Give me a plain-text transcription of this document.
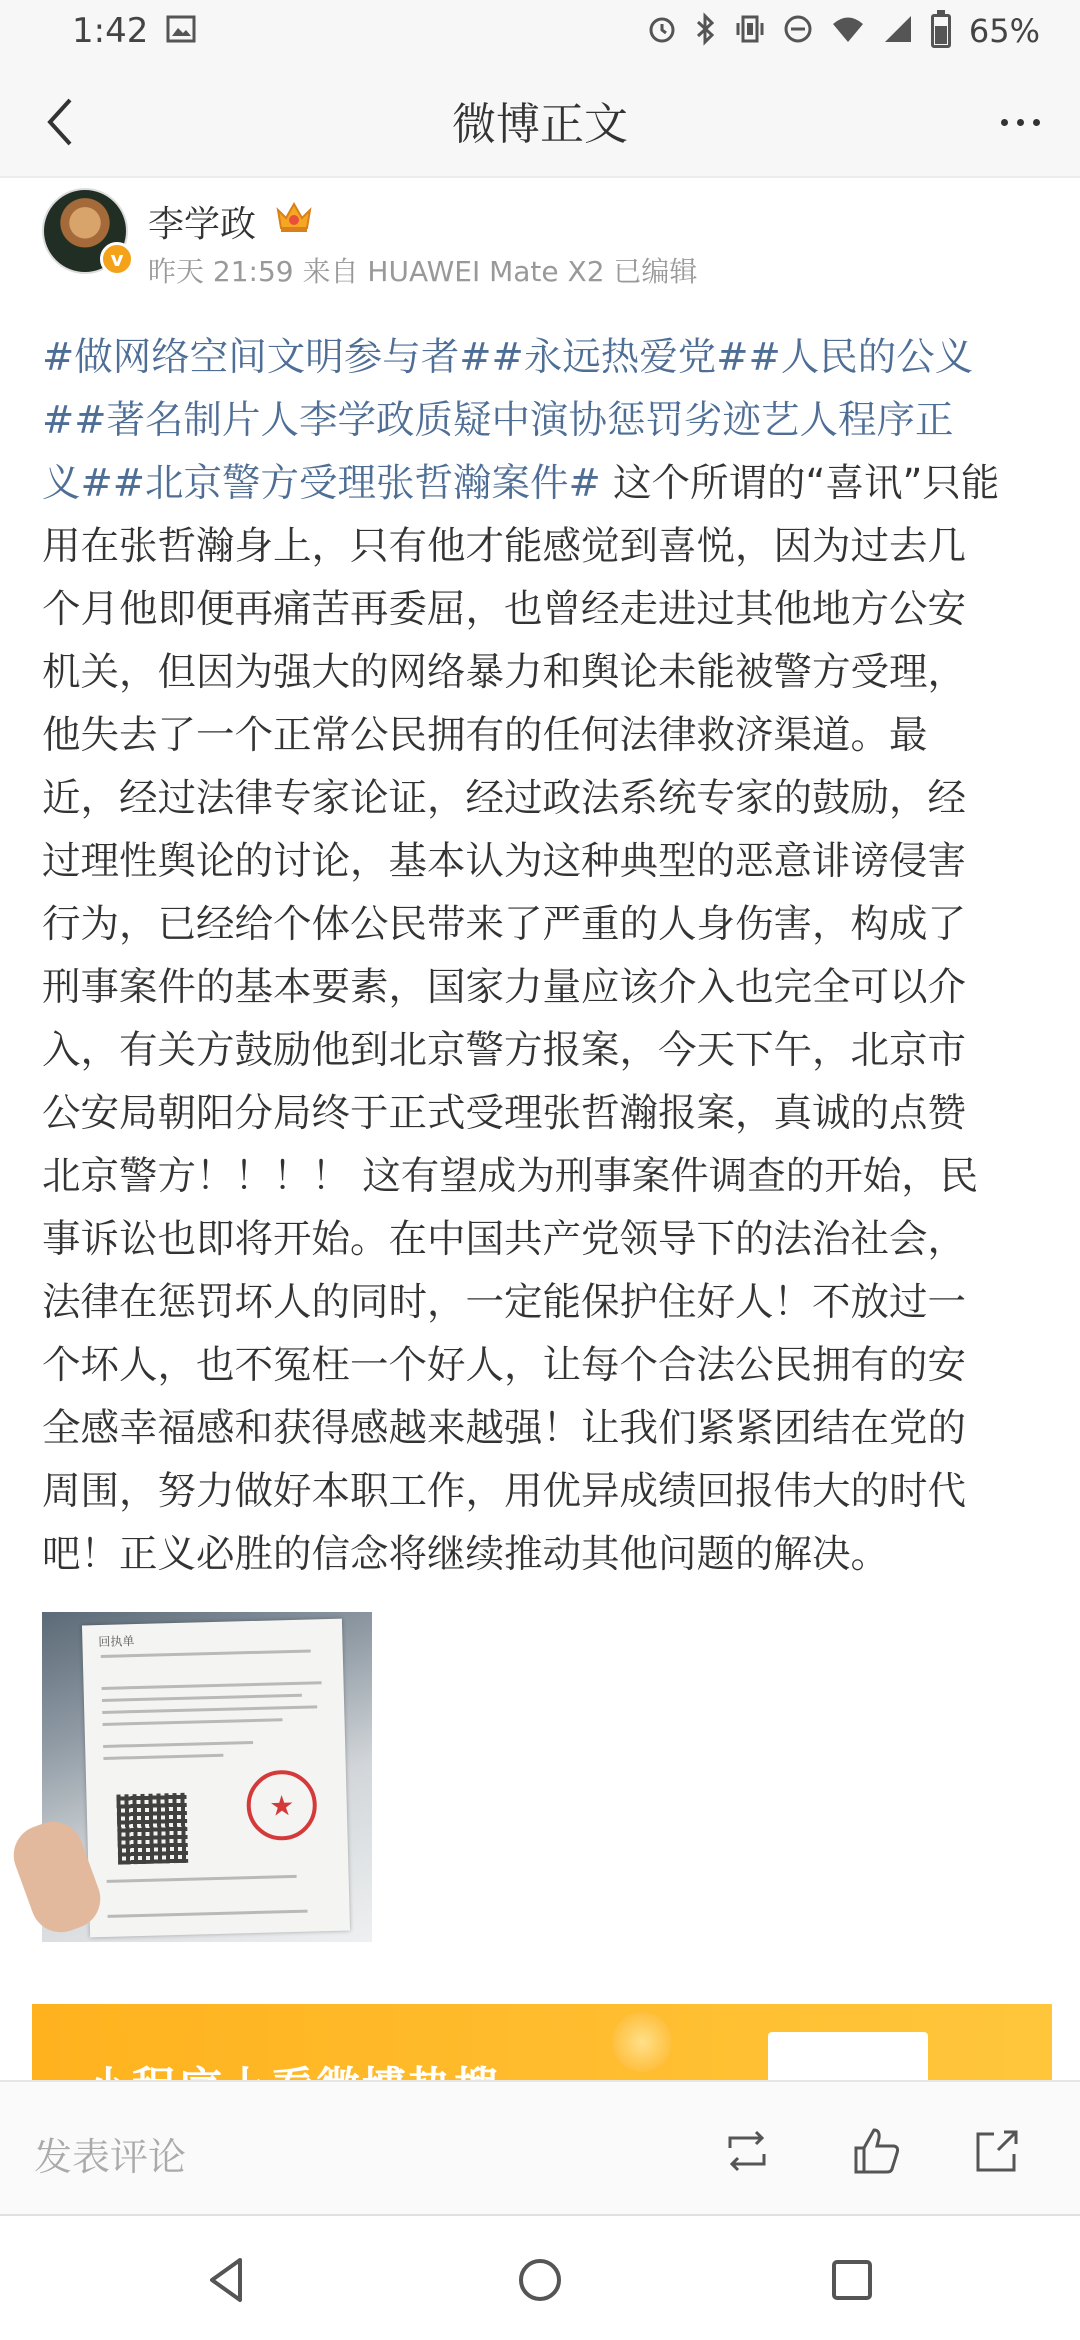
1:42	65%
微博正文
v
李学政
昨天 21:59 来自 HUAWEI Mate X2 已编辑
#做网络空间文明参与者##永远热爱党##人民的公义
##著名制片人李学政质疑中演协惩罚劣迹艺人程序正
义##北京警方受理张哲瀚案件# 这个所谓的“喜讯”只能
用在张哲瀚身上，只有他才能感觉到喜悦，因为过去几
个月他即便再痛苦再委屈，也曾经走进过其他地方公安
机关，但因为强大的网络暴力和舆论未能被警方受理，
他失去了一个正常公民拥有的任何法律救济渠道。最
近，经过法律专家论证，经过政法系统专家的鼓励，经
过理性舆论的讨论，基本认为这种典型的恶意诽谤侵害
行为，已经给个体公民带来了严重的人身伤害，构成了
刑事案件的基本要素，国家力量应该介入也完全可以介
入，有关方鼓励他到北京警方报案，今天下午，北京市
公安局朝阳分局终于正式受理张哲瀚报案，真诚的点赞
北京警方！！！！ 这有望成为刑事案件调查的开始，民
事诉讼也即将开始。在中国共产党领导下的法治社会，
法律在惩罚坏人的同时，一定能保护住好人！不放过一
个坏人，也不冤枉一个好人，让每个合法公民拥有的安
全感幸福感和获得感越来越强！让我们紧紧团结在党的
周围，努力做好本职工作，用优异成绩回报伟大的时代
吧！正义必胜的信念将继续推动其他问题的解决。
回执单
★
发表评论
